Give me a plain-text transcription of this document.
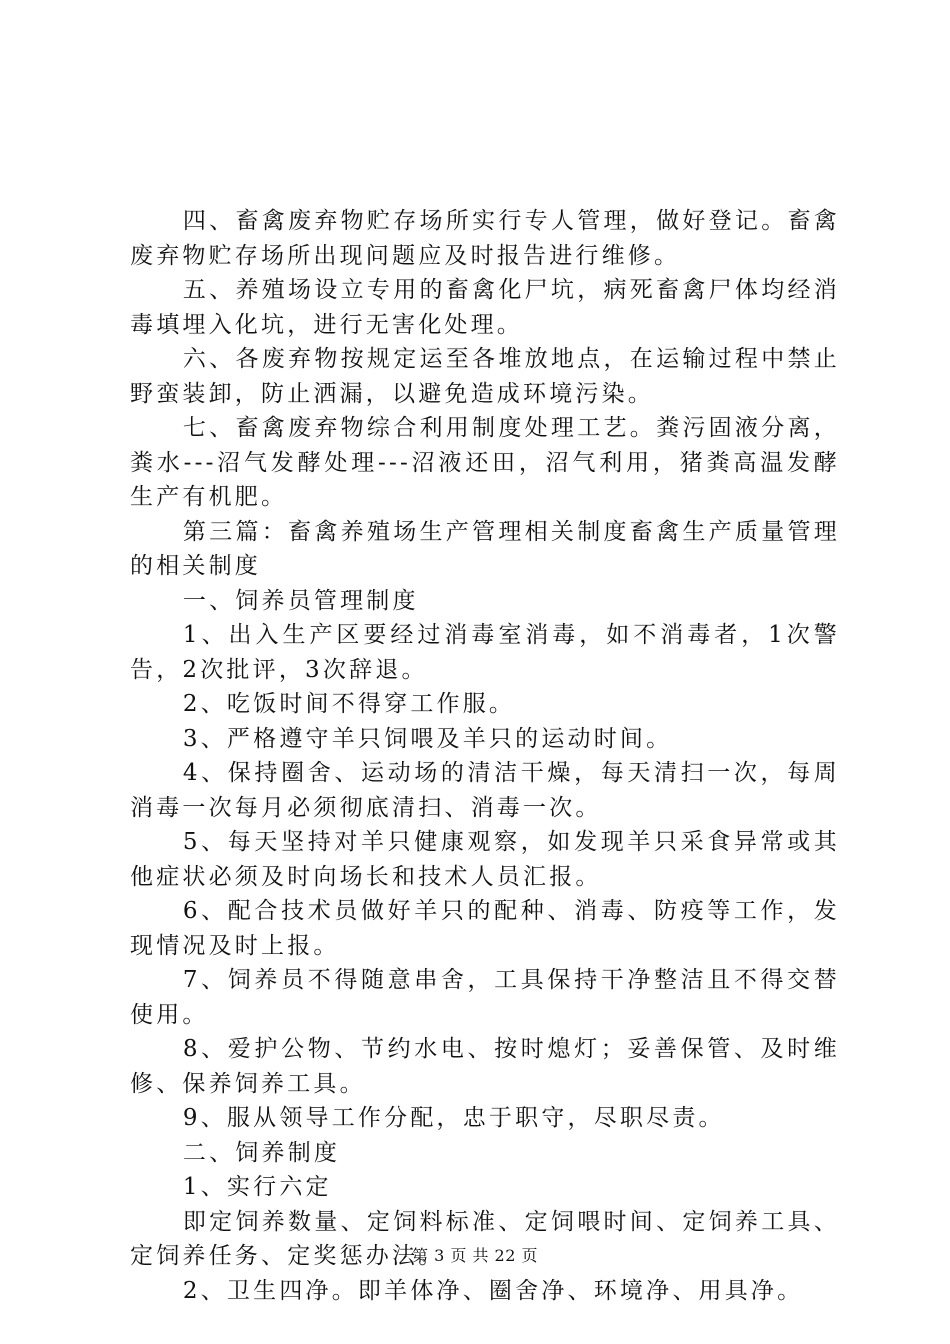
四、畜禽废弃物贮存场所实行专人管理，做好登记。畜禽废弃物贮存场所出现问题应及时报告进行维修。

五、养殖场设立专用的畜禽化尸坑，病死畜禽尸体均经消毒填埋入化坑，进行无害化处理。

六、各废弃物按规定运至各堆放地点，在运输过程中禁止野蛮装卸，防止洒漏，以避免造成环境污染。

七、畜禽废弃物综合利用制度处理工艺。粪污固液分离，粪水---沼气发酵处理---沼液还田，沼气利用，猪粪高温发酵生产有机肥。

第三篇：畜禽养殖场生产管理相关制度畜禽生产质量管理的相关制度

一、饲养员管理制度

1、出入生产区要经过消毒室消毒，如不消毒者，1次警告，2次批评，3次辞退。

2、吃饭时间不得穿工作服。

3、严格遵守羊只饲喂及羊只的运动时间。

4、保持圈舍、运动场的清洁干燥，每天清扫一次，每周消毒一次每月必须彻底清扫、消毒一次。

5、每天坚持对羊只健康观察，如发现羊只采食异常或其他症状必须及时向场长和技术人员汇报。

6、配合技术员做好羊只的配种、消毒、防疫等工作，发现情况及时上报。

7、饲养员不得随意串舍，工具保持干净整洁且不得交替使用。

8、爱护公物、节约水电、按时熄灯；妥善保管、及时维修、保养饲养工具。

9、服从领导工作分配，忠于职守，尽职尽责。

二、饲养制度

1、实行六定

即定饲养数量、定饲料标准、定饲喂时间、定饲养工具、定饲养任务、定奖惩办法。

2、卫生四净。即羊体净、圈舍净、环境净、用具净。

第 3 页 共 22 页
